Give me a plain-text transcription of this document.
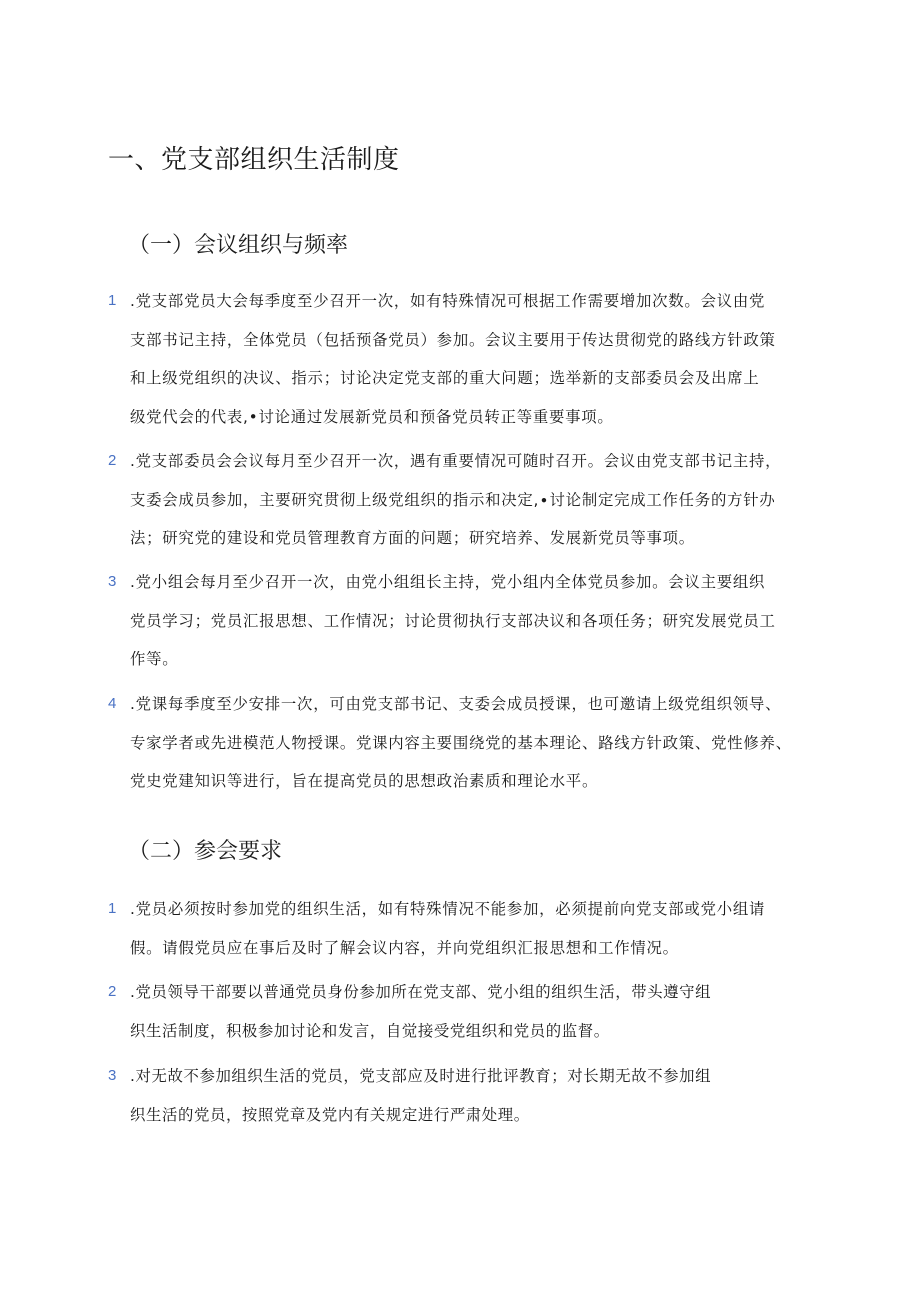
一、党支部组织生活制度
（一）会议组织与频率
1 .党支部党员大会每季度至少召开一次，如有特殊情况可根据工作需要增加次数。会议由党
支部书记主持，全体党员（包括预备党员）参加。会议主要用于传达贯彻党的路线方针政策
和上级党组织的决议、指示；讨论决定党支部的重大问题；选举新的支部委员会及出席上
级党代会的代表,•讨论通过发展新党员和预备党员转正等重要事项。
2 .党支部委员会会议每月至少召开一次，遇有重要情况可随时召开。会议由党支部书记主持，
支委会成员参加，主要研究贯彻上级党组织的指示和决定,∙讨论制定完成工作任务的方针办
法；研究党的建设和党员管理教育方面的问题；研究培养、发展新党员等事项。
3 .党小组会每月至少召开一次，由党小组组长主持，党小组内全体党员参加。会议主要组织
党员学习；党员汇报思想、工作情况；讨论贯彻执行支部决议和各项任务；研究发展党员工
作等。
4 .党课每季度至少安排一次，可由党支部书记、支委会成员授课，也可邀请上级党组织领导、
专家学者或先进模范人物授课。党课内容主要围绕党的基本理论、路线方针政策、党性修养、
党史党建知识等进行，旨在提高党员的思想政治素质和理论水平。
（二）参会要求
1 .党员必须按时参加党的组织生活，如有特殊情况不能参加，必须提前向党支部或党小组请
假。请假党员应在事后及时了解会议内容，并向党组织汇报思想和工作情况。
2 .党员领导干部要以普通党员身份参加所在党支部、党小组的组织生活，带头遵守组
织生活制度，积极参加讨论和发言，自觉接受党组织和党员的监督。
3 .对无故不参加组织生活的党员，党支部应及时进行批评教育；对长期无故不参加组
织生活的党员，按照党章及党内有关规定进行严肃处理。
